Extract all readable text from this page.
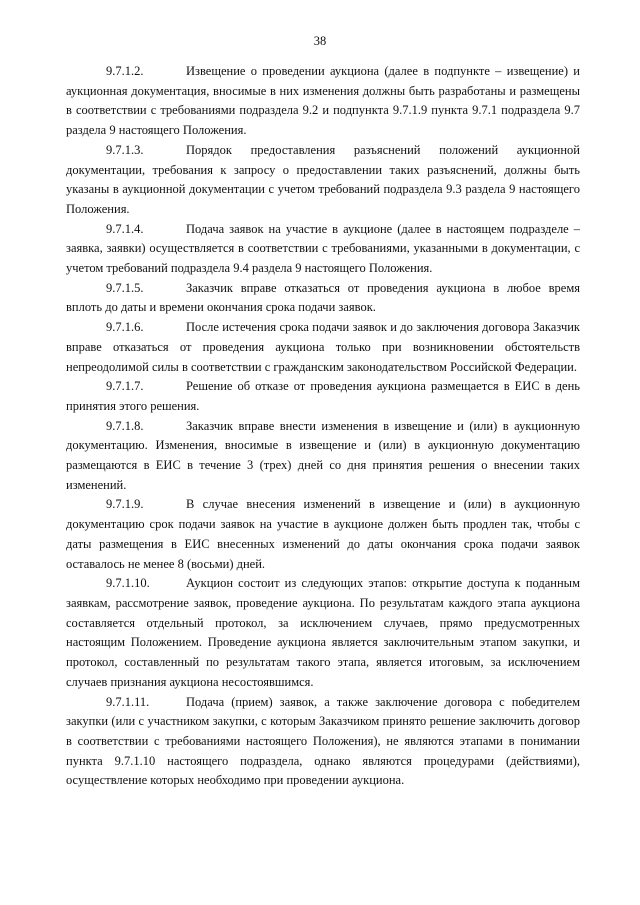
38

9.7.1.2.	Извещение о проведении аукциона (далее в подпункте – извещение) и аукционная документация, вносимые в них изменения должны быть разработаны и размещены в соответствии с требованиями подраздела 9.2 и подпункта 9.7.1.9 пункта 9.7.1 подраздела 9.7 раздела 9 настоящего Положения.

9.7.1.3.	Порядок предоставления разъяснений положений аукционной документации, требования к запросу о предоставлении таких разъяснений, должны быть указаны в аукционной документации с учетом требований подраздела 9.3 раздела 9 настоящего Положения.

9.7.1.4.	Подача заявок на участие в аукционе (далее в настоящем подразделе – заявка, заявки) осуществляется в соответствии с требованиями, указанными в документации, с учетом требований подраздела 9.4 раздела 9 настоящего Положения.

9.7.1.5.	Заказчик вправе отказаться от проведения аукциона в любое время вплоть до даты и времени окончания срока подачи заявок.

9.7.1.6.	После истечения срока подачи заявок и до заключения договора Заказчик вправе отказаться от проведения аукциона только при возникновении обстоятельств непреодолимой силы в соответствии с гражданским законодательством Российской Федерации.

9.7.1.7.	Решение об отказе от проведения аукциона размещается в ЕИС в день принятия этого решения.

9.7.1.8.	Заказчик вправе внести изменения в извещение и (или) в аукционную документацию. Изменения, вносимые в извещение и (или) в аукционную документацию размещаются в ЕИС в течение 3 (трех) дней со дня принятия решения о внесении таких изменений.

9.7.1.9.	В случае внесения изменений в извещение и (или) в аукционную документацию срок подачи заявок на участие в аукционе должен быть продлен так, чтобы с даты размещения в ЕИС внесенных изменений до даты окончания срока подачи заявок оставалось не менее 8 (восьми) дней.

9.7.1.10.	Аукцион состоит из следующих этапов: открытие доступа к поданным заявкам, рассмотрение заявок, проведение аукциона. По результатам каждого этапа аукциона составляется отдельный протокол, за исключением случаев, прямо предусмотренных настоящим Положением. Проведение аукциона является заключительным этапом закупки, и протокол, составленный по результатам такого этапа, является итоговым, за исключением случаев признания аукциона несостоявшимся.

9.7.1.11.	Подача (прием) заявок, а также заключение договора с победителем закупки (или с участником закупки, с которым Заказчиком принято решение заключить договор в соответствии с требованиями настоящего Положения), не являются этапами в понимании пункта 9.7.1.10 настоящего подраздела, однако являются процедурами (действиями), осуществление которых необходимо при проведении аукциона.
